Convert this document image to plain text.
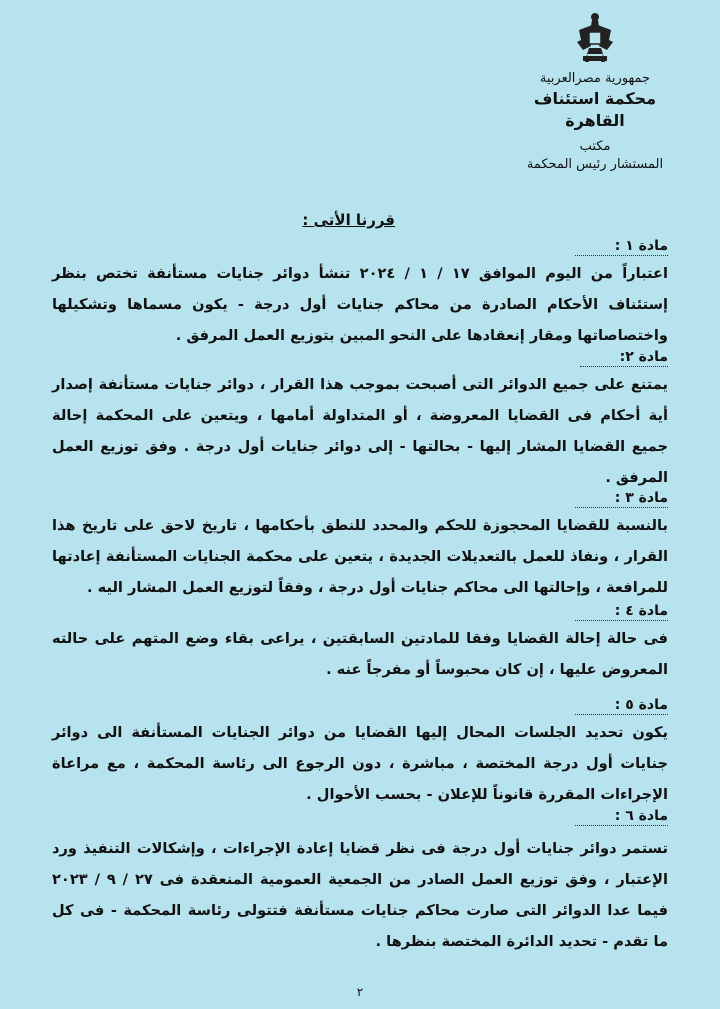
جمهورية مصرالعربية
محكمة استئناف القاهرة
مكتب
المستشار رئيس المحكمة
قررنا الأتى :
مادة ١ :
اعتباراً من اليوم الموافق ١٧ / ١ / ٢٠٢٤ تنشأ دوائر جنايات مستأنفة تختص بنظر إستئناف الأحكام الصادرة من محاكم جنايات أول درجة - يكون مسماها وتشكيلها واختصاصاتها ومقار إنعقادها على النحو المبين بتوزيع العمل المرفق .
مادة ٢:
يمتنع على جميع الدوائر التى أصبحت بموجب هذا القرار ، دوائر جنايات مستأنفة إصدار أية أحكام فى القضايا المعروضة ، أو المتداولة أمامها ، ويتعين على المحكمة إحالة جميع القضايا المشار إليها - بحالتها - إلى دوائر جنايات أول درجة . وفق توزيع العمل المرفق .
مادة ٣ :
بالنسبة للقضايا المحجوزة للحكم والمحدد للنطق بأحكامها ، تاريخ لاحق على تاريخ هذا القرار ، ونفاذ للعمل بالتعديلات الجديدة ، يتعين على محكمة الجنايات المستأنفة إعادتها للمرافعة ، وإحالتها الى محاكم جنايات أول درجة ، وفقاً لتوزيع العمل المشار اليه .
مادة ٤ :
فى حالة إحالة القضايا وفقا للمادتين السابقتين ، يراعى بقاء وضع المتهم على حالته المعروض عليها ، إن كان محبوساً أو مفرجاً عنه .
مادة ٥ :
يكون تحديد الجلسات المحال إليها القضايا من دوائر الجنايات المستأنفة الى دوائر جنايات أول درجة المختصة ، مباشرة ، دون الرجوع الى رئاسة المحكمة ، مع مراعاة الإجراءات المقررة قانوناً للإعلان - بحسب الأحوال .
مادة ٦ :
تستمر دوائر جنايات أول درجة فى نظر قضايا إعادة الإجراءات ، وإشكالات التنفيذ ورد الإعتبار ، وفق توزيع العمل الصادر من الجمعية العمومية المنعقدة فى ٢٧ / ٩ / ٢٠٢٣ فيما عدا الدوائر التى صارت محاكم جنايات مستأنفة فتتولى رئاسة المحكمة - فى كل ما تقدم - تحديد الدائرة المختصة بنظرها .
٢
